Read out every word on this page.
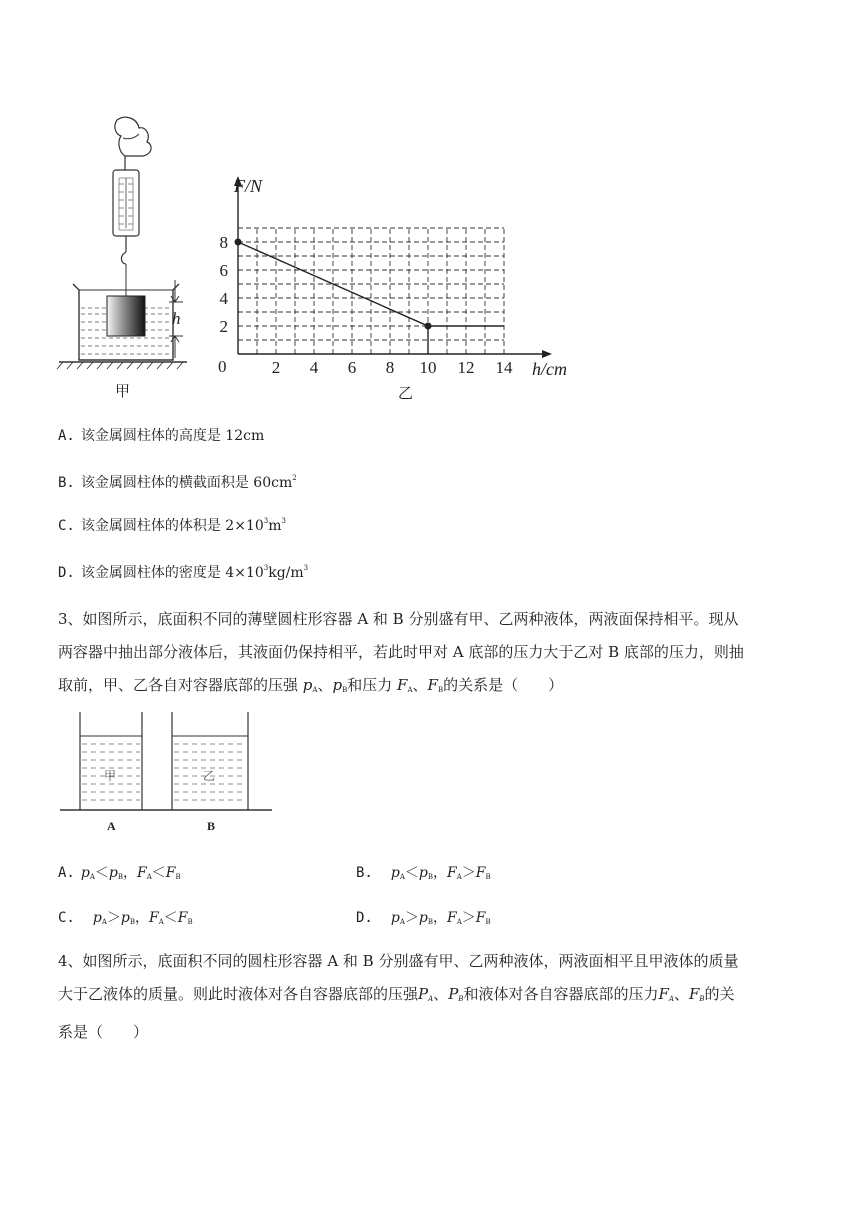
h
甲
2 4 6 8 10 12 14
2
4
6
8
F/N
h/cm
0
乙
A. 该金属圆柱体的高度是 12cm
B. 该金属圆柱体的横截面积是 $60cm^2$
C. 该金属圆柱体的体积是 $2\times 10^3m^3$
D. 该金属圆柱体的密度是 $4\times 10^3kg/m^3$
3、如图所示，底面积不同的薄壁圆柱形容器 A 和 B 分别盛有甲、乙两种液体，两液面保持相平。现从
两容器中抽出部分液体后，其液面仍保持相平，若此时甲对 A 底部的压力大于乙对 B 底部的压力，则抽
取前，甲、乙各自对容器底部的压强 $p_A$、$p_B$和压力 $F_A$、$F_B$的关系是（　　）
甲	乙
A	B
A. $p_A<p_B$，$F_A<F_B$	B. $p_A<p_B$，$F_A>F_B$
C. $p_A>p_B$，$F_A<F_B$	D. $p_A>p_B$，$F_A>F_B$
4、如图所示，底面积不同的圆柱形容器 A 和 B 分别盛有甲、乙两种液体，两液面相平且甲液体的质量
大于乙液体的质量。则此时液体对各自容器底部的压强$P_A$、$P_B$和液体对各自容器底部的压力$F_A$、$F_B$的关
系是（　　）
